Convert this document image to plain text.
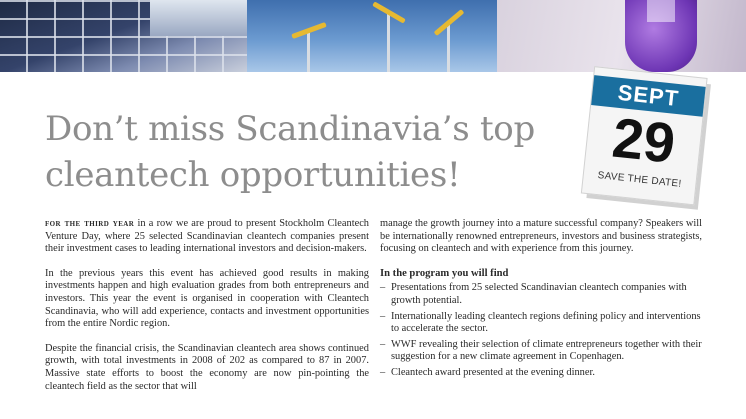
Don’t miss Scandinavia’s top cleantech opportunities!
SEPT
29
SAVE THE DATE!

for the third year in a row we are proud to present Stockholm Cleantech Venture Day, where 25 selected Scandinavian cleantech companies present their investment cases to leading international investors and decision-makers.

In the previous years this event has achieved good results in making investments happen and high evaluation grades from both entrepreneurs and investors. This year the event is organised in cooperation with Cleantech Scandinavia, who will add experience, contacts and investment opportunities from the entire Nordic region.

Despite the financial crisis, the Scandinavian cleantech area shows continued growth, with total investments in 2008 of 202 as compared to 87 in 2007. Massive state efforts to boost the economy are now pin-pointing the cleantech field as the sector that will

manage the growth journey into a mature successful company? Speakers will be internationally renowned entrepreneurs, investors and business strategists, focusing on cleantech and with experience from this journey.

In the program you will find
– Presentations from 25 selected Scandinavian cleantech companies with growth potential.
– Internationally leading cleantech regions defining policy and interventions to accelerate the sector.
– WWF revealing their selection of climate entrepreneurs together with their suggestion for a new climate agreement in Copenhagen.
– Cleantech award presented at the evening dinner.
